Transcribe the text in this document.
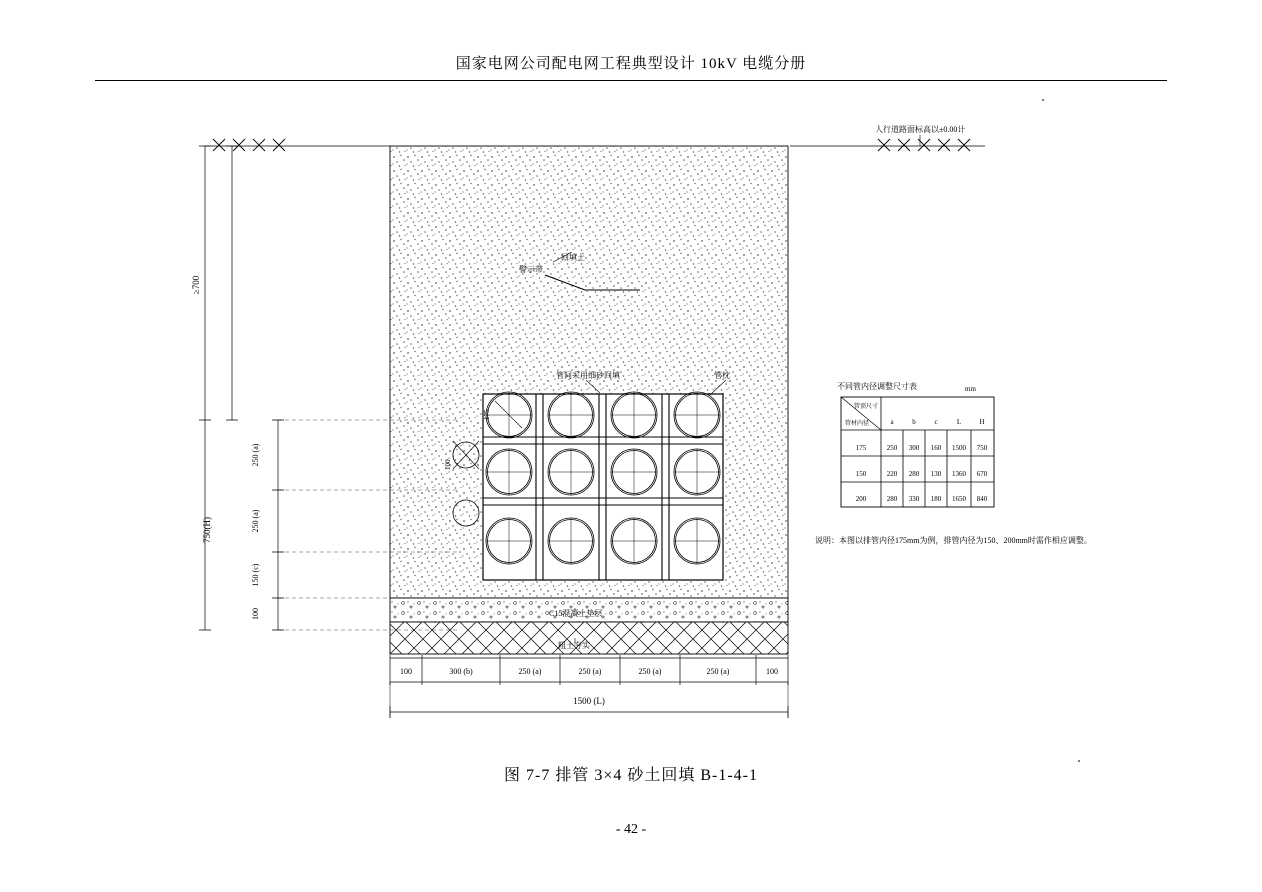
国家电网公司配电网工程典型设计 10kV 电缆分册
人行道路面标高以±0.00计
回填土
警示带
管间采用细砂回填	管枕
C15混凝土垫层
粗土夯实
175
100
≥700
750(H)
250 (a)
250 (a)
150 (c)
100
100	300 (b)	250 (a)	250 (a)	250 (a)	250 (a)	100
1500 (L)
不同管内径调整尺寸表	mm
管顶尺寸
管材内径	a	b	c	L	H
175	250 300 160 1500 750
150	220 280 130 1360 670
200	280 330 180 1650 840
说明：本图以排管内径175mm为例，排管内径为150、200mm时需作相应调整。
图 7-7 排管 3×4 砂土回填 B-1-4-1
- 42 -
